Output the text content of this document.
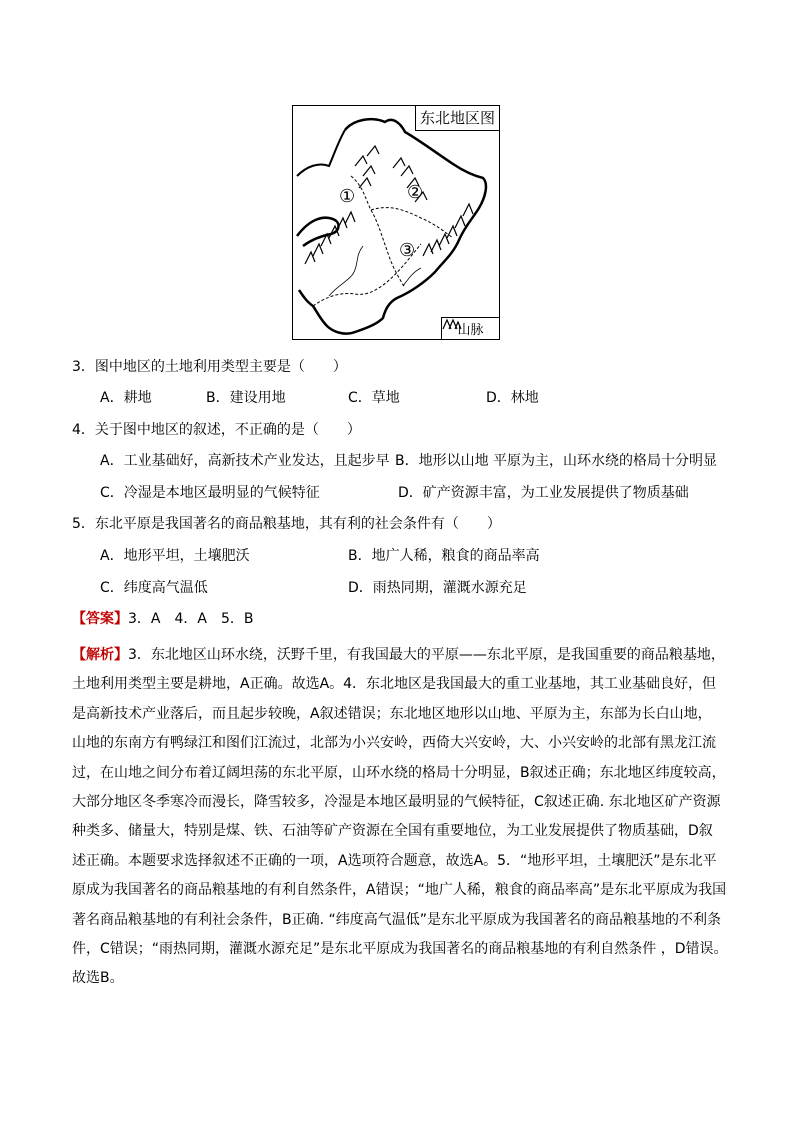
东北地区图
①	②
③
山脉
3．图中地区的土地利用类型主要是（　　）
A．耕地	B．建设用地	C．草地	D．林地
4．关于图中地区的叙述，不正确的是（　　）
A．工业基础好，高新技术产业发达，且起步早 B．地形以山地 平原为主，山环水绕的格局十分明显
C．冷湿是本地区最明显的气候特征	D．矿产资源丰富，为工业发展提供了物质基础
5．东北平原是我国著名的商品粮基地，其有利的社会条件有（　　）
A．地形平坦，土壤肥沃	B．地广人稀，粮食的商品率高
C．纬度高气温低	D．雨热同期，灌溉水源充足
【答案】3．A　4．A　5．B
【解析】3．东北地区山环水绕，沃野千里，有我国最大的平原——东北平原，是我国重要的商品粮基地，
土地利用类型主要是耕地，A正确。故选A。4．东北地区是我国最大的重工业基地，其工业基础良好，但
是高新技术产业落后，而且起步较晚，A叙述错误；东北地区地形以山地、平原为主，东部为长白山地，
山地的东南方有鸭绿江和图们江流过，北部为小兴安岭，西倚大兴安岭，大、小兴安岭的北部有黑龙江流
过，在山地之间分布着辽阔坦荡的东北平原，山环水绕的格局十分明显，B叙述正确；东北地区纬度较高，
大部分地区冬季寒冷而漫长，降雪较多，冷湿是本地区最明显的气候特征，C叙述正确. 东北地区矿产资源
种类多、储量大，特别是煤、铁、石油等矿产资源在全国有重要地位，为工业发展提供了物质基础，D叙
述正确。本题要求选择叙述不正确的一项，A选项符合题意，故选A。5．“地形平坦，土壤肥沃”是东北平
原成为我国著名的商品粮基地的有利自然条件，A错误；“地广人稀，粮食的商品率高”是东北平原成为我国
著名商品粮基地的有利社会条件，B正确. “纬度高气温低”是东北平原成为我国著名的商品粮基地的不利条
件，C错误；“雨热同期，灌溉水源充足”是东北平原成为我国著名的商品粮基地的有利自然条件 ，D错误。
故选B。
